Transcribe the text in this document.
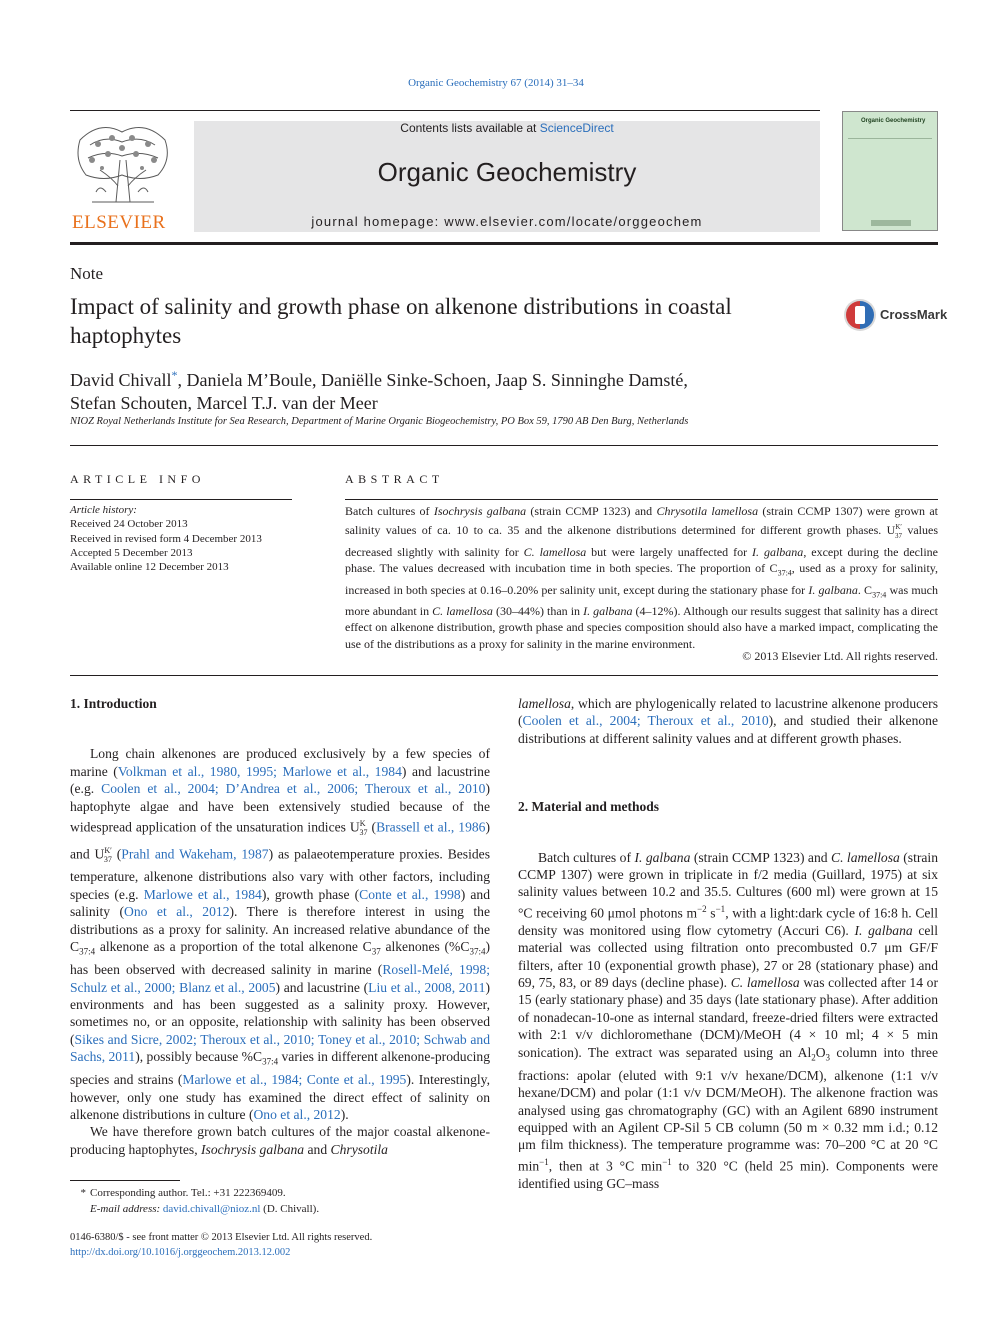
Organic Geochemistry 67 (2014) 31–34
ELSEVIER
Contents lists available at ScienceDirect
Organic Geochemistry
journal homepage: www.elsevier.com/locate/orggeochem
Organic Geochemistry
Note
Impact of salinity and growth phase on alkenone distributions in coastal haptophytes
CrossMark
David Chivall*, Daniela M’Boule, Daniëlle Sinke-Schoen, Jaap S. Sinninghe Damsté,
Stefan Schouten, Marcel T.J. van der Meer
NIOZ Royal Netherlands Institute for Sea Research, Department of Marine Organic Biogeochemistry, PO Box 59, 1790 AB Den Burg, Netherlands
ARTICLE INFO	ABSTRACT
Article history:
Received 24 October 2013
Received in revised form 4 December 2013
Accepted 5 December 2013
Available online 12 December 2013
Batch cultures of Isochrysis galbana (strain CCMP 1323) and Chrysotila lamellosa (strain CCMP 1307) were grown at salinity values of ca. 10 to ca. 35 and the alkenone distributions determined for different growth phases. $U^{K'}_{37}$ values decreased slightly with salinity for C. lamellosa but were largely unaffected for I. galbana, except during the decline phase. The values decreased with incubation time in both species. The proportion of $C_{37:4}$, used as a proxy for salinity, increased in both species at 0.16–0.20% per salinity unit, except during the stationary phase for I. galbana. $C_{37:4}$ was much more abundant in C. lamellosa (30–44%) than in I. galbana (4–12%). Although our results suggest that salinity has a direct effect on alkenone distribution, growth phase and species composition should also have a marked impact, complicating the use of the distributions as a proxy for salinity in the marine environment.
© 2013 Elsevier Ltd. All rights reserved.
1. Introduction

Long chain alkenones are produced exclusively by a few species of marine (Volkman et al., 1980, 1995; Marlowe et al., 1984) and lacustrine (e.g. Coolen et al., 2004; D’Andrea et al., 2006; Theroux et al., 2010) haptophyte algae and have been extensively studied because of the widespread application of the unsaturation indices $U^K_{37}$ (Brassell et al., 1986) and $U^{K'}_{37}$ (Prahl and Wakeham, 1987) as palaeotemperature proxies. Besides temperature, alkenone distributions also vary with other factors, including species (e.g. Marlowe et al., 1984), growth phase (Conte et al., 1998) and salinity (Ono et al., 2012). There is therefore interest in using the distributions as a proxy for salinity. An increased relative abundance of the $C_{37:4}$ alkenone as a proportion of the total alkenone $C_{37}$ alkenones $(\%C_{37:4})$ has been observed with decreased salinity in marine (Rosell-Melé, 1998; Schulz et al., 2000; Blanz et al., 2005) and lacustrine (Liu et al., 2008, 2011) environments and has been suggested as a salinity proxy. However, sometimes no, or an opposite, relationship with salinity has been observed (Sikes and Sicre, 2002; Theroux et al., 2010; Toney et al., 2010; Schwab and Sachs, 2011), possibly because $\%C_{37:4}$ varies in different alkenone-producing species and strains (Marlowe et al., 1984; Conte et al., 1995). Interestingly, however, only one study has examined the direct effect of salinity on alkenone distributions in culture (Ono et al., 2012).

We have therefore grown batch cultures of the major coastal alkenone-producing haptophytes, Isochrysis galbana and Chrysotila

lamellosa, which are phylogenically related to lacustrine alkenone producers (Coolen et al., 2004; Theroux et al., 2010), and studied their alkenone distributions at different salinity values and at different growth phases.

2. Material and methods

Batch cultures of I. galbana (strain CCMP 1323) and C. lamellosa (strain CCMP 1307) were grown in triplicate in f/2 media (Guillard, 1975) at six salinity values between 10.2 and 35.5. Cultures (600 ml) were grown at 15 °C receiving 60 μmol photons $m^{-2}$ $s^{-1}$, with a light:dark cycle of 16:8 h. Cell density was monitored using flow cytometry (Accuri C6). I. galbana cell material was collected using filtration onto precombusted 0.7 μm GF/F filters, after 10 (exponential growth phase), 27 or 28 (stationary phase) and 69, 75, 83, or 89 days (decline phase). C. lamellosa was collected after 14 or 15 (early stationary phase) and 35 days (late stationary phase). After addition of nonadecan-10-one as internal standard, freeze-dried filters were extracted with 2:1 v/v dichloromethane (DCM)/MeOH (4 × 10 ml; 4 × 5 min sonication). The extract was separated using an $Al_2O_3$ column into three fractions: apolar (eluted with 9:1 v/v hexane/DCM), alkenone (1:1 v/v hexane/DCM) and polar (1:1 v/v DCM/MeOH). The alkenone fraction was analysed using gas chromatography (GC) with an Agilent 6890 instrument equipped with an Agilent CP-Sil 5 CB column (50 m × 0.32 mm i.d.; 0.12 μm film thickness). The temperature programme was: 70–200 °C at 20 °C $\min^{-1}$, then at 3 °C $\min^{-1}$ to 320 °C (held 25 min). Components were identified using GC–mass

* Corresponding author. Tel.: +31 222369409.
E-mail address: david.chivall@nioz.nl (D. Chivall).
0146-6380/$ - see front matter © 2013 Elsevier Ltd. All rights reserved.
http://dx.doi.org/10.1016/j.orggeochem.2013.12.002
